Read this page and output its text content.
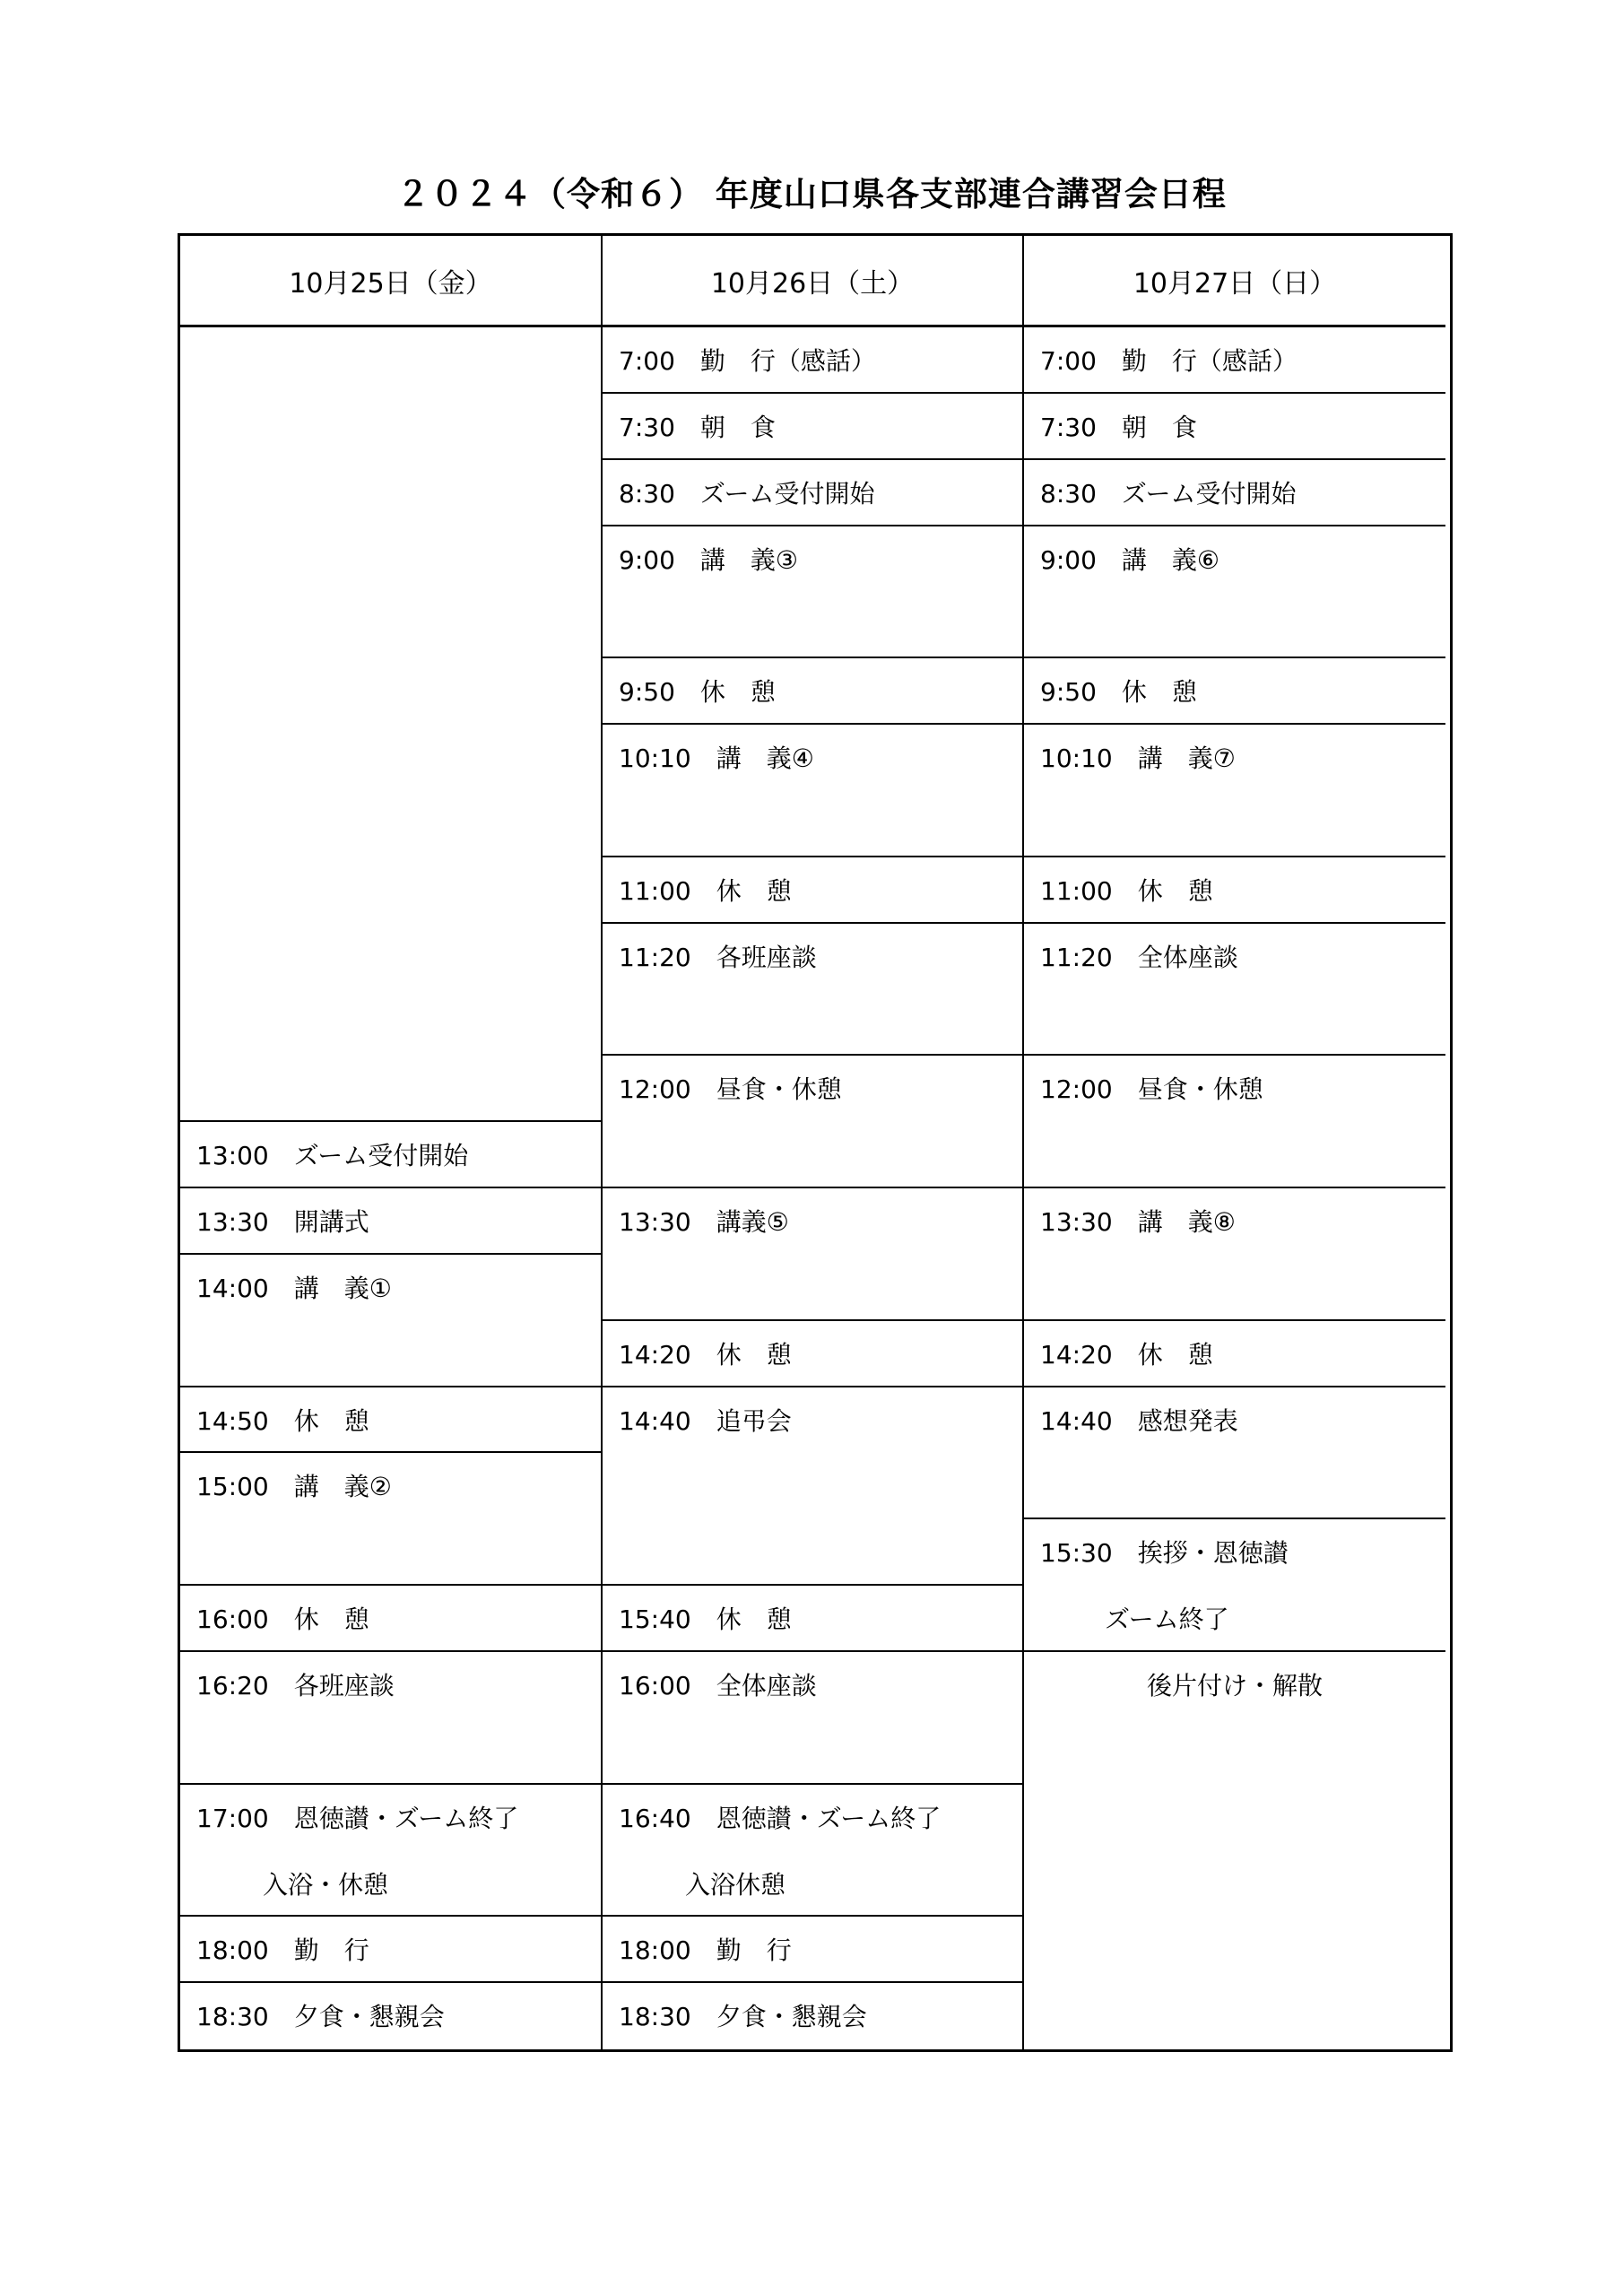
２０２４（令和６） 年度山口県各支部連合講習会日程
10月25日（金）	10月26日（土）	10月27日（日）
13:00　ズーム受付開始
13:30　開講式
14:00　講　義①
14:50　休　憩
15:00　講　義②
16:00　休　憩
16:20　各班座談
17:00　恩徳讃・ズーム終了
入浴・休憩
18:00　勤　行
18:30　夕食・懇親会
7:00　勤　行（感話）
7:30　朝　食
8:30　ズーム受付開始
9:00　講　義③
9:50　休　憩
10:10　講　義④
11:00　休　憩
11:20　各班座談
12:00　昼食・休憩
13:30　講義⑤
14:20　休　憩
14:40　追弔会
15:40　休　憩
16:00　全体座談
16:40　恩徳讃・ズーム終了
入浴休憩
18:00　勤　行
18:30　夕食・懇親会
7:00　勤　行（感話）
7:30　朝　食
8:30　ズーム受付開始
9:00　講　義⑥
9:50　休　憩
10:10　講　義⑦
11:00　休　憩
11:20　全体座談
12:00　昼食・休憩
13:30　講　義⑧
14:20　休　憩
14:40　感想発表
15:30　挨拶・恩徳讃
ズーム終了
後片付け・解散
